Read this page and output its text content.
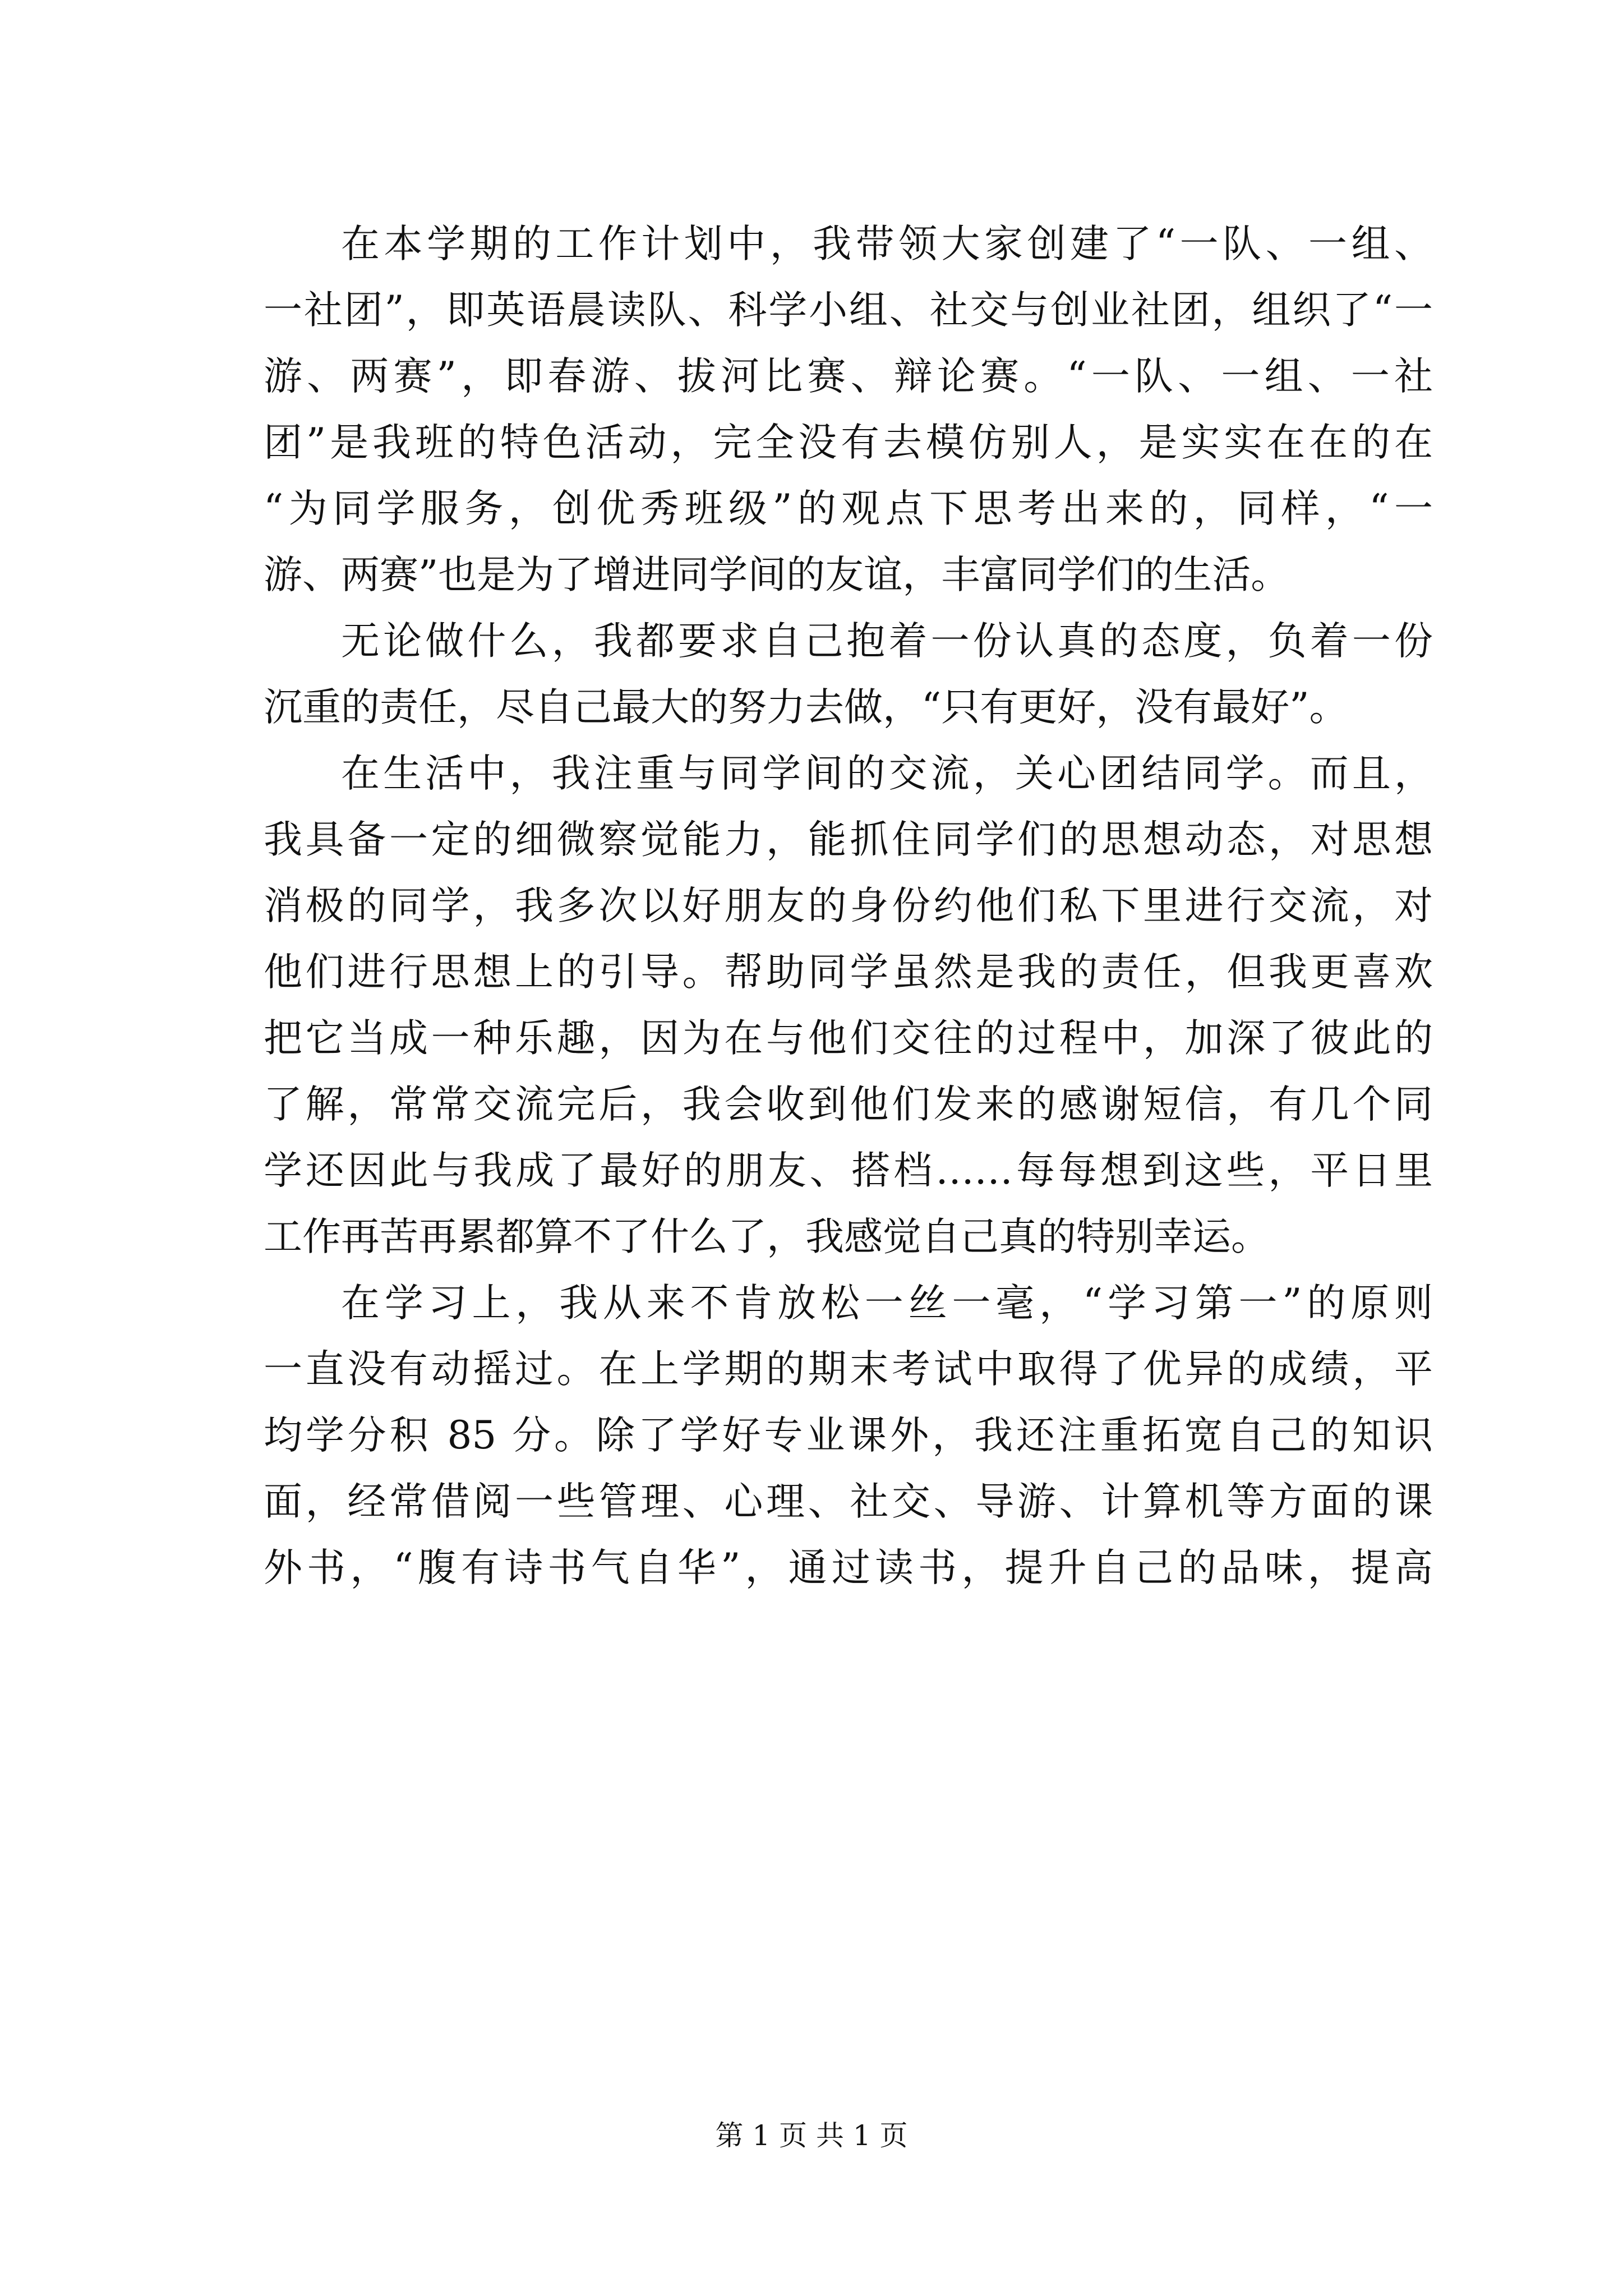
在本学期的工作计划中，我带领大家创建了“一队、一组、
一社团”，即英语晨读队、科学小组、社交与创业社团，组织了“一
游、两赛”，即春游、拔河比赛、辩论赛。“一队、一组、一社
团”是我班的特色活动，完全没有去模仿别人，是实实在在的在
“为同学服务，创优秀班级”的观点下思考出来的，同样，“一
游、两赛”也是为了增进同学间的友谊，丰富同学们的生活。
无论做什么，我都要求自己抱着一份认真的态度，负着一份
沉重的责任，尽自己最大的努力去做，“只有更好，没有最好”。
在生活中，我注重与同学间的交流，关心团结同学。而且，
我具备一定的细微察觉能力，能抓住同学们的思想动态，对思想
消极的同学，我多次以好朋友的身份约他们私下里进行交流，对
他们进行思想上的引导。帮助同学虽然是我的责任，但我更喜欢
把它当成一种乐趣，因为在与他们交往的过程中，加深了彼此的
了解，常常交流完后，我会收到他们发来的感谢短信，有几个同
学还因此与我成了最好的朋友、搭档……每每想到这些，平日里
工作再苦再累都算不了什么了，我感觉自己真的特别幸运。
在学习上，我从来不肯放松一丝一毫，“学习第一”的原则
一直没有动摇过。在上学期的期末考试中取得了优异的成绩，平
均学分积 85 分。除了学好专业课外，我还注重拓宽自己的知识
面，经常借阅一些管理、心理、社交、导游、计算机等方面的课
外书，“腹有诗书气自华”，通过读书，提升自己的品味，提高
第 1 页 共 1 页
